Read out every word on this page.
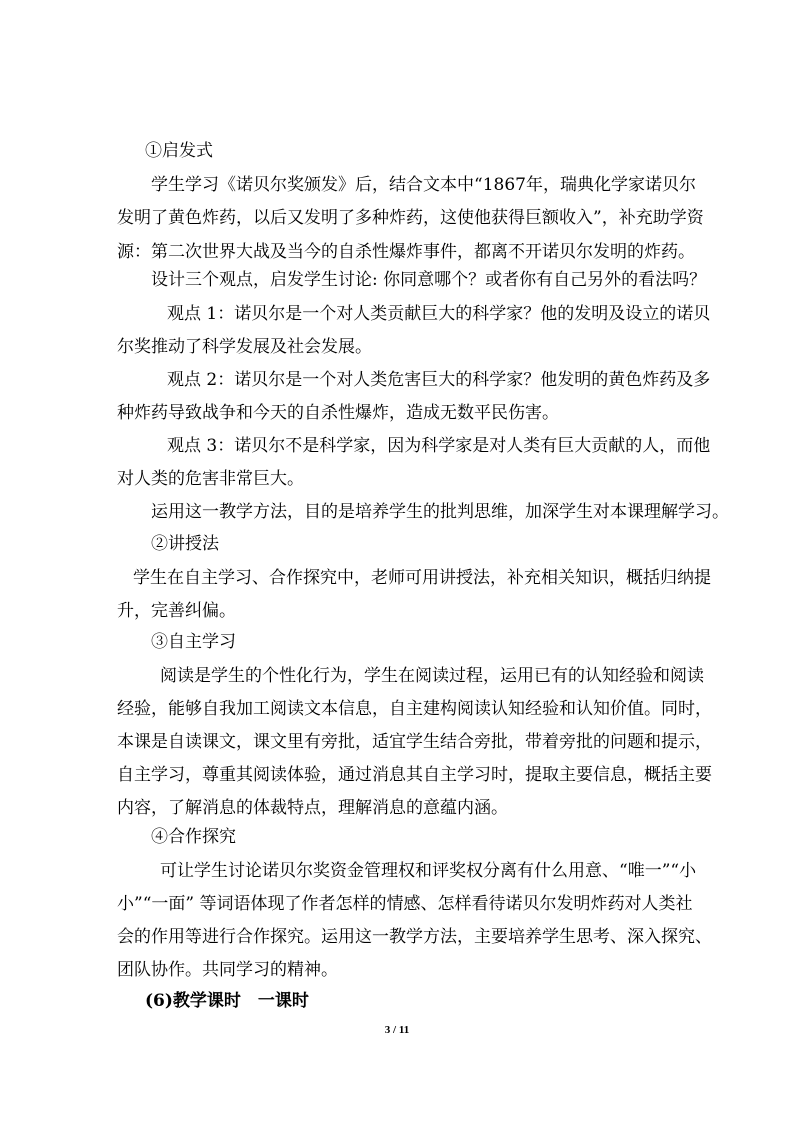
①启发式
学生学习《诺贝尔奖颁发》后，结合文本中“1867年，瑞典化学家诺贝尔
发明了黄色炸药，以后又发明了多种炸药，这使他获得巨额收入”，补充助学资
源：第二次世界大战及当今的自杀性爆炸事件，都离不开诺贝尔发明的炸药。
设计三个观点，启发学生讨论: 你同意哪个？或者你有自己另外的看法吗？
观点 1：诺贝尔是一个对人类贡献巨大的科学家？他的发明及设立的诺贝
尔奖推动了科学发展及社会发展。
观点 2：诺贝尔是一个对人类危害巨大的科学家？他发明的黄色炸药及多
种炸药导致战争和今天的自杀性爆炸，造成无数平民伤害。
观点 3：诺贝尔不是科学家，因为科学家是对人类有巨大贡献的人，而他
对人类的危害非常巨大。
运用这一教学方法，目的是培养学生的批判思维，加深学生对本课理解学习。
②讲授法
学生在自主学习、合作探究中，老师可用讲授法，补充相关知识，概括归纳提
升，完善纠偏。
③自主学习
阅读是学生的个性化行为，学生在阅读过程，运用已有的认知经验和阅读
经验，能够自我加工阅读文本信息，自主建构阅读认知经验和认知价值。同时，
本课是自读课文，课文里有旁批，适宜学生结合旁批，带着旁批的问题和提示，
自主学习，尊重其阅读体验，通过消息其自主学习时，提取主要信息，概括主要
内容，了解消息的体裁特点，理解消息的意蕴内涵。
④合作探究
可让学生讨论诺贝尔奖资金管理权和评奖权分离有什么用意、“唯一”“小
小”“一面” 等词语体现了作者怎样的情感、怎样看待诺贝尔发明炸药对人类社
会的作用等进行合作探究。运用这一教学方法，主要培养学生思考、深入探究、
团队协作。共同学习的精神。
(6)教学课时　一课时
3 / 11
